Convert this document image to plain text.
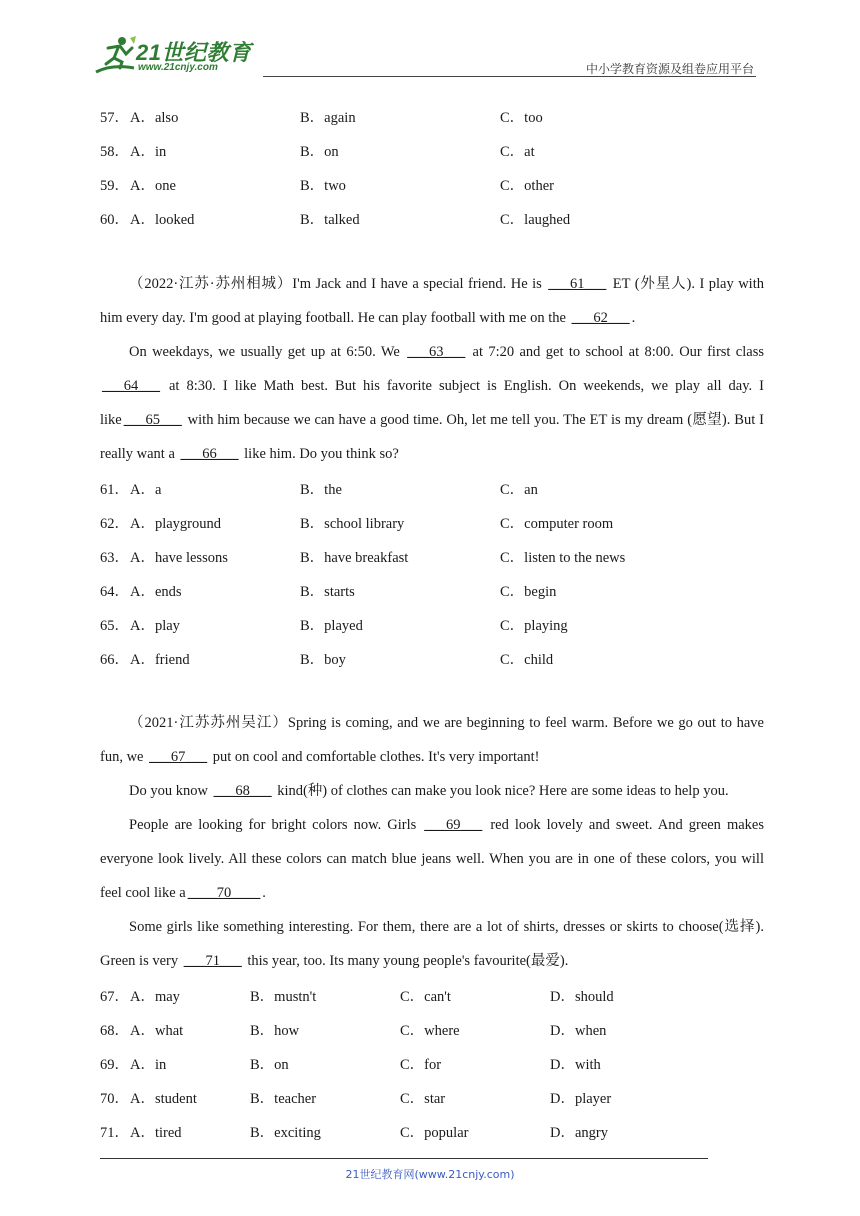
21世纪教育
www.21cnjy.com	中小学教育资源及组卷应用平台
57． A．also	B．again	C．too
58． A．in	B．on	C．at
59． A．one	B．two	C．other
60． A．looked	B．talked	C．laughed

（2022·江苏·苏州相城）I'm Jack and I have a special friend. He is ___61___ ET (外星人). I play with him every day. I'm good at playing football. He can play football with me on the ___62___ .

On weekdays, we usually get up at 6:50. We ___63___ at 7:20 and get to school at 8:00. Our first class ___64___ at 8:30. I like Math best. But his favorite subject is English. On weekends, we play all day. I like ___65___ with him because we can have a good time. Oh, let me tell you. The ET is my dream (愿望). But I really want a ___66___ like him. Do you think so?

61． A．a	B．the	C．an
62． A．playground	B．school library	C．computer room
63． A．have lessons	B．have breakfast	C．listen to the news
64． A．ends	B．starts	C．begin
65． A．play	B．played	C．playing
66． A．friend	B．boy	C．child

（2021·江苏苏州吴江）Spring is coming, and we are beginning to feel warm. Before we go out to have fun, we ___67___ put on cool and comfortable clothes. It's very important!

Do you know ___68___ kind(种) of clothes can make you look nice? Here are some ideas to help you.

People are looking for bright colors now. Girls ___69___ red look lovely and sweet. And green makes everyone look lively. All these colors can match blue jeans well. When you are in one of these colors, you will feel cool like a ____70____ .

Some girls like something interesting. For them, there are a lot of shirts, dresses or skirts to choose(选择). Green is very ___71___ this year, too. Its many young people's favourite(最爱).

67． A．may	B．mustn't	C．can't	D．should
68． A．what	B．how	C．where	D．when
69． A．in	B．on	C．for	D．with
70． A．student	B．teacher	C．star	D．player
71． A．tired	B．exciting	C．popular	D．angry
21世纪教育网(www.21cnjy.com)
